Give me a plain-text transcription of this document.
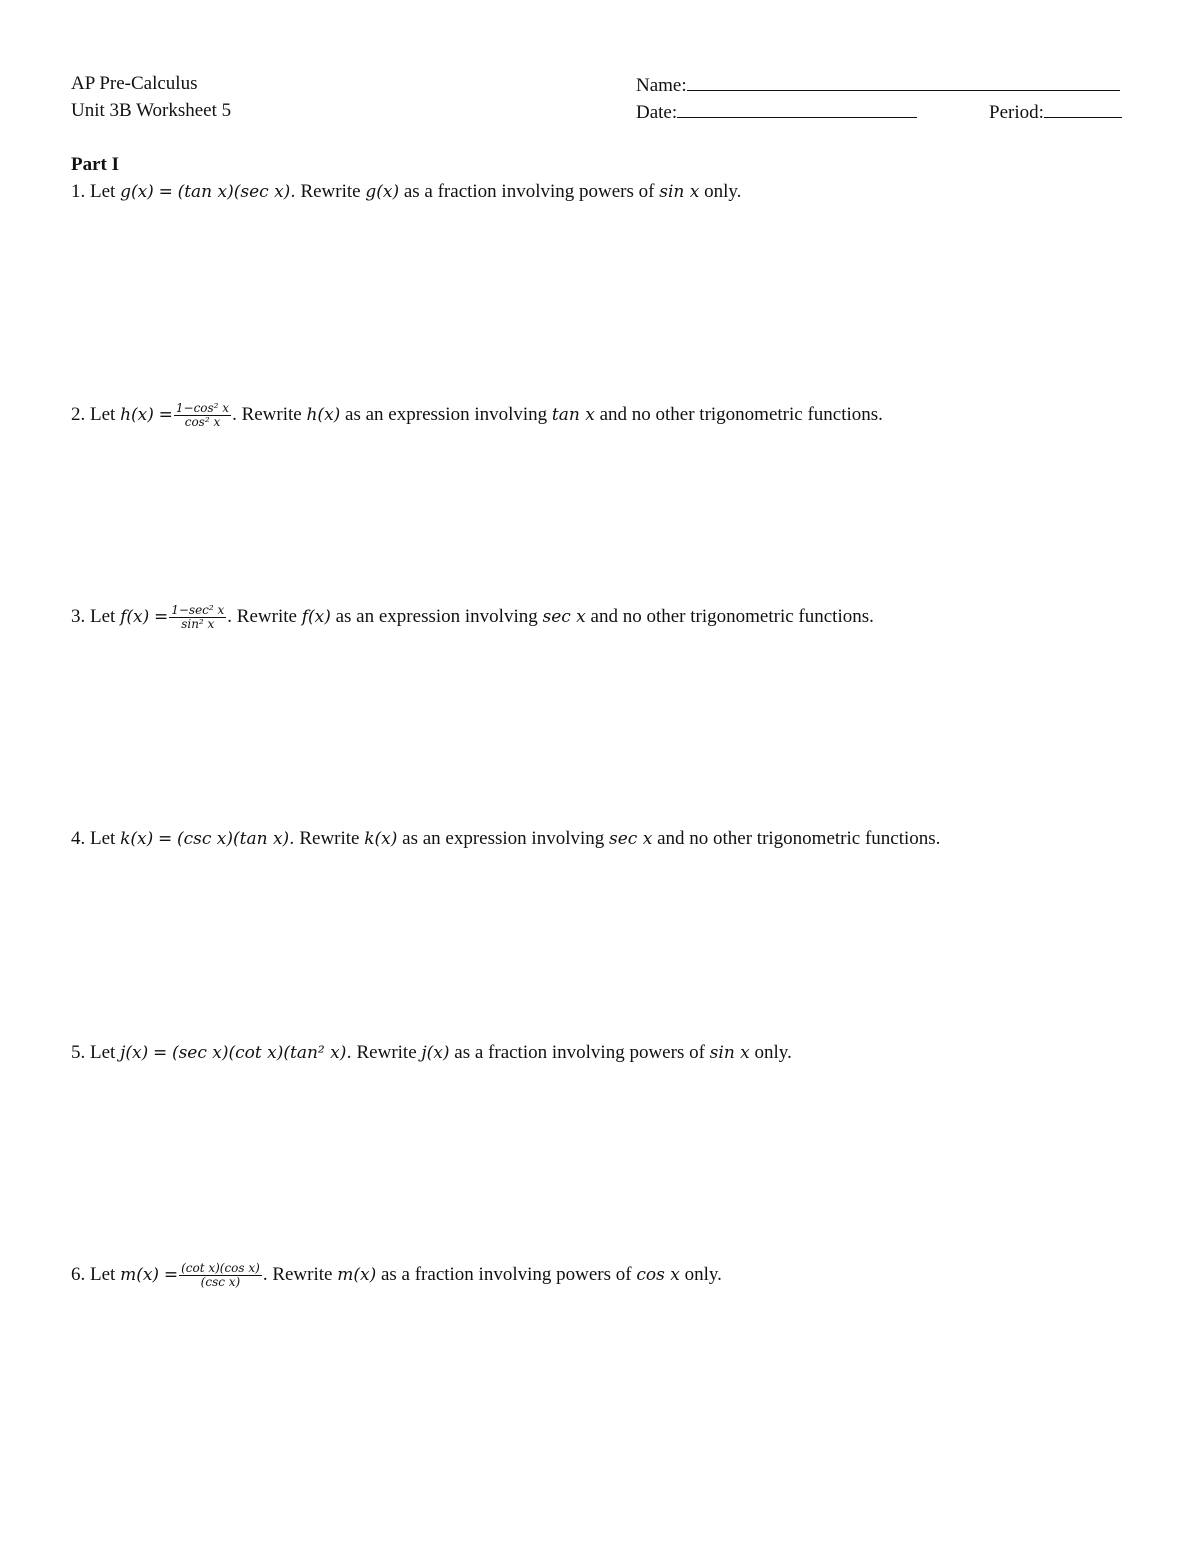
AP Pre-Calculus
Unit 3B Worksheet 5
Name:
Date:	Period:
Part I
1. Let g(x) = (tan x)(sec x). Rewrite g(x) as a fraction involving powers of sin x only.
2. Let $h(x) = \frac{\text{1−cos² x}}{\text{cos² x}}$ . Rewrite h(x) as an expression involving tan x and no other trigonometric functions.
3. Let $f(x) = \frac{\text{1−sec² x}}{\text{sin² x}}$ . Rewrite f(x) as an expression involving sec x and no other trigonometric functions.
4. Let k(x) = (csc x)(tan x). Rewrite k(x) as an expression involving sec x and no other trigonometric functions.
5. Let j(x) = (sec x)(cot x)(tan² x). Rewrite j(x) as a fraction involving powers of sin x only.
6. Let $m(x) = \frac{\text{(cot x)(cos x)}}{\text{(csc x)}}$ . Rewrite m(x) as a fraction involving powers of cos x only.
